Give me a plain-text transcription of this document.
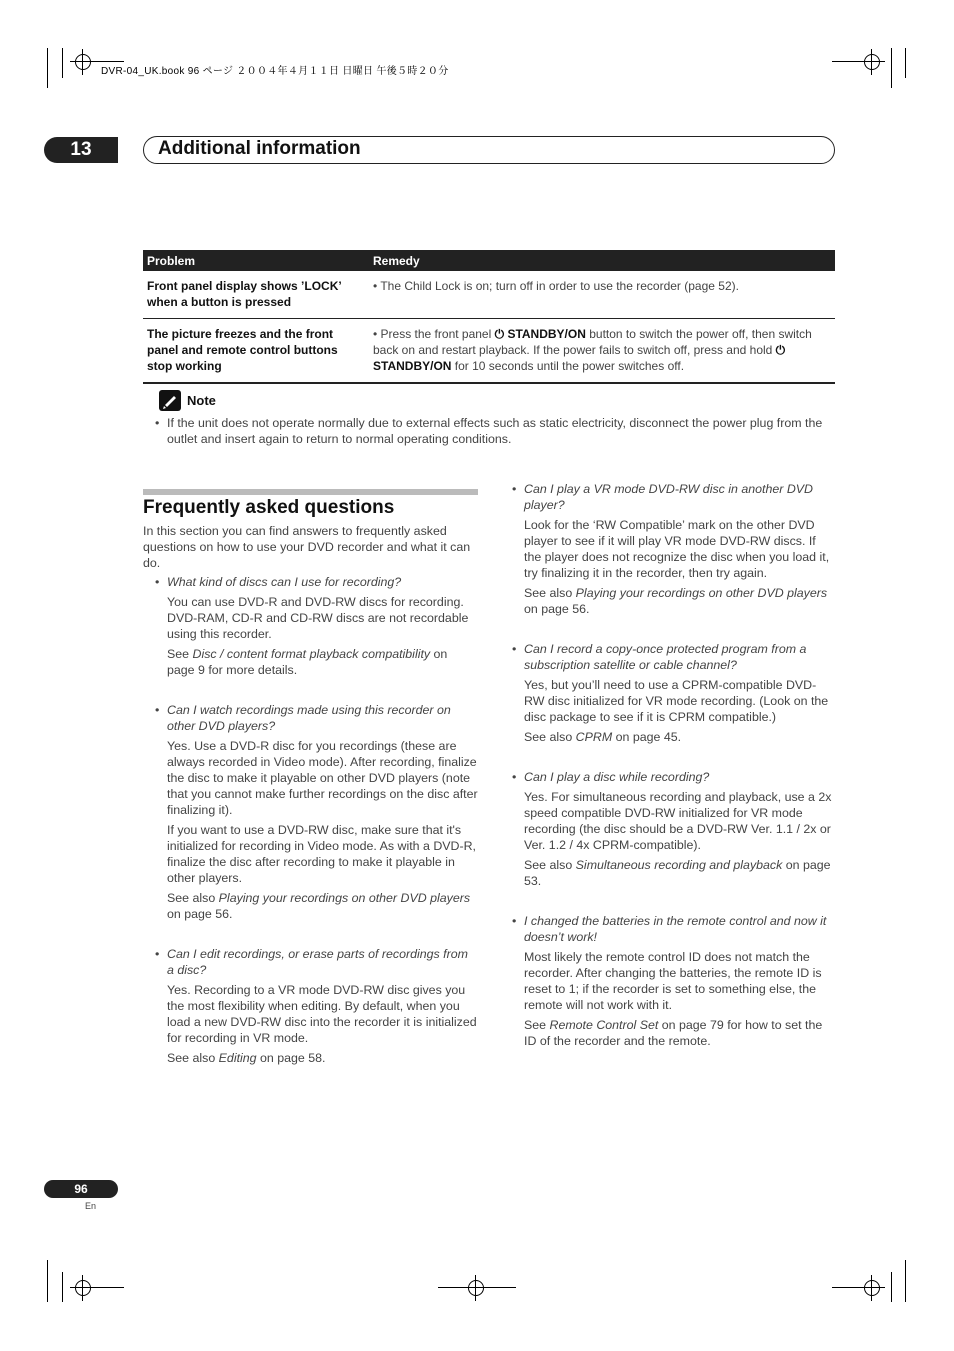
DVR-04_UK.book 96 ページ ２００４年４月１１日 日曜日 午後５時２０分
13	Additional information
Problem	Remedy
Front panel display shows ’LOCK’ when a button is pressed	• The Child Lock is on; turn off in order to use the recorder (page 52).
The picture freezes and the front panel and remote control buttons stop working	• Press the front panel ⏻ STANDBY/ON button to switch the power off, then switch back on and restart playback. If the power fails to switch off, press and hold ⏻ STANDBY/ON for 10 seconds until the power switches off.
Note
• If the unit does not operate normally due to external effects such as static electricity, disconnect the power plug from the outlet and insert again to return to normal operating conditions.
Frequently asked questions
In this section you can find answers to frequently asked questions on how to use your DVD recorder and what it can do.
• What kind of discs can I use for recording?
You can use DVD-R and DVD-RW discs for recording. DVD-RAM, CD-R and CD-RW discs are not recordable using this recorder.
See Disc / content format playback compatibility on page 9 for more details.
• Can I watch recordings made using this recorder on other DVD players?
Yes. Use a DVD-R disc for you recordings (these are always recorded in Video mode). After recording, finalize the disc to make it playable on other DVD players (note that you cannot make further recordings on the disc after finalizing it).
If you want to use a DVD-RW disc, make sure that it's initialized for recording in Video mode. As with a DVD-R, finalize the disc after recording to make it playable in other players.
See also Playing your recordings on other DVD players on page 56.
• Can I edit recordings, or erase parts of recordings from a disc?
Yes. Recording to a VR mode DVD-RW disc gives you the most flexibility when editing. By default, when you load a new DVD-RW disc into the recorder it is initialized for recording in VR mode.
See also Editing on page 58.
• Can I play a VR mode DVD-RW disc in another DVD player?
Look for the ‘RW Compatible’ mark on the other DVD player to see if it will play VR mode DVD-RW discs. If the player does not recognize the disc when you load it, try finalizing it in the recorder, then try again.
See also Playing your recordings on other DVD players on page 56.
• Can I record a copy-once protected program from a subscription satellite or cable channel?
Yes, but you’ll need to use a CPRM-compatible DVD-RW disc initialized for VR mode recording. (Look on the disc package to see if it is CPRM compatible.)
See also CPRM on page 45.
• Can I play a disc while recording?
Yes. For simultaneous recording and playback, use a 2x speed compatible DVD-RW initialized for VR mode recording (the disc should be a DVD-RW Ver. 1.1 / 2x or Ver. 1.2 / 4x CPRM-compatible).
See also Simultaneous recording and playback on page 53.
• I changed the batteries in the remote control and now it doesn’t work!
Most likely the remote control ID does not match the recorder. After changing the batteries, the remote ID is reset to 1; if the recorder is set to something else, the remote will not work with it.
See Remote Control Set on page 79 for how to set the ID of the recorder and the remote.
96
En
